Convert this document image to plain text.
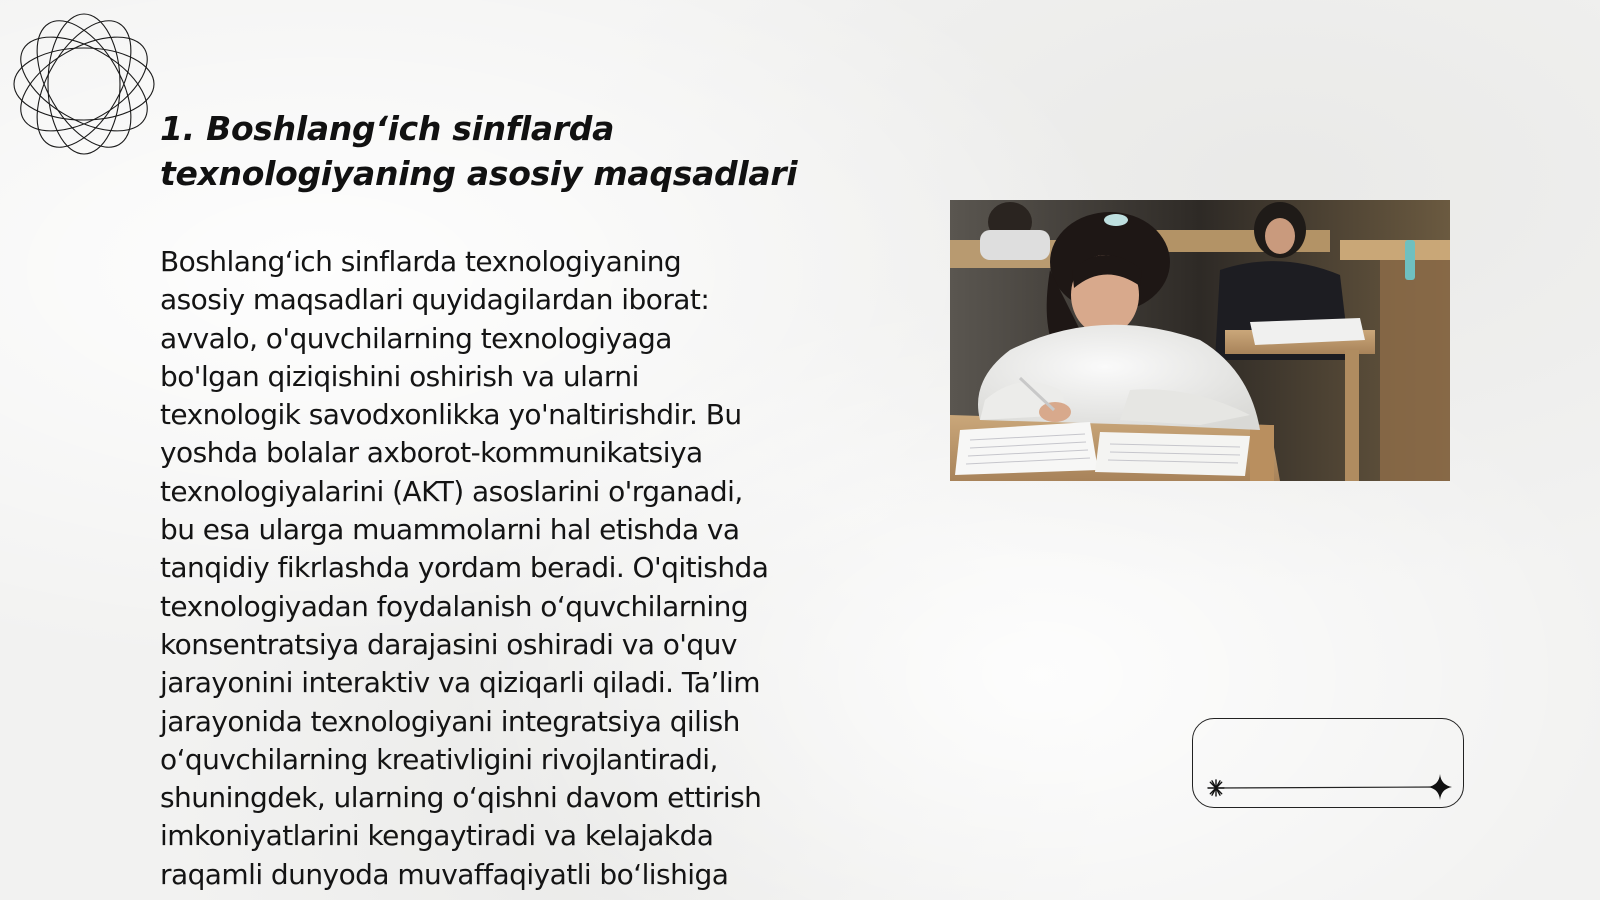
1. Boshlang‘ich sinflarda
texnologiyaning asosiy maqsadlari
Boshlang‘ich sinflarda texnologiyaning
asosiy maqsadlari quyidagilardan iborat:
avvalo, o'quvchilarning texnologiyaga
bo'lgan qiziqishini oshirish va ularni
texnologik savodxonlikka yo'naltirishdir. Bu
yoshda bolalar axborot-kommunikatsiya
texnologiyalarini (AKT) asoslarini o'rganadi,
bu esa ularga muammolarni hal etishda va
tanqidiy fikrlashda yordam beradi. O'qitishda
texnologiyadan foydalanish o‘quvchilarning
konsentratsiya darajasini oshiradi va o'quv
jarayonini interaktiv va qiziqarli qiladi. Ta’lim
jarayonida texnologiyani integratsiya qilish
o‘quvchilarning kreativligini rivojlantiradi,
shuningdek, ularning o‘qishni davom ettirish
imkoniyatlarini kengaytiradi va kelajakda
raqamli dunyoda muvaffaqiyatli bo‘lishiga
